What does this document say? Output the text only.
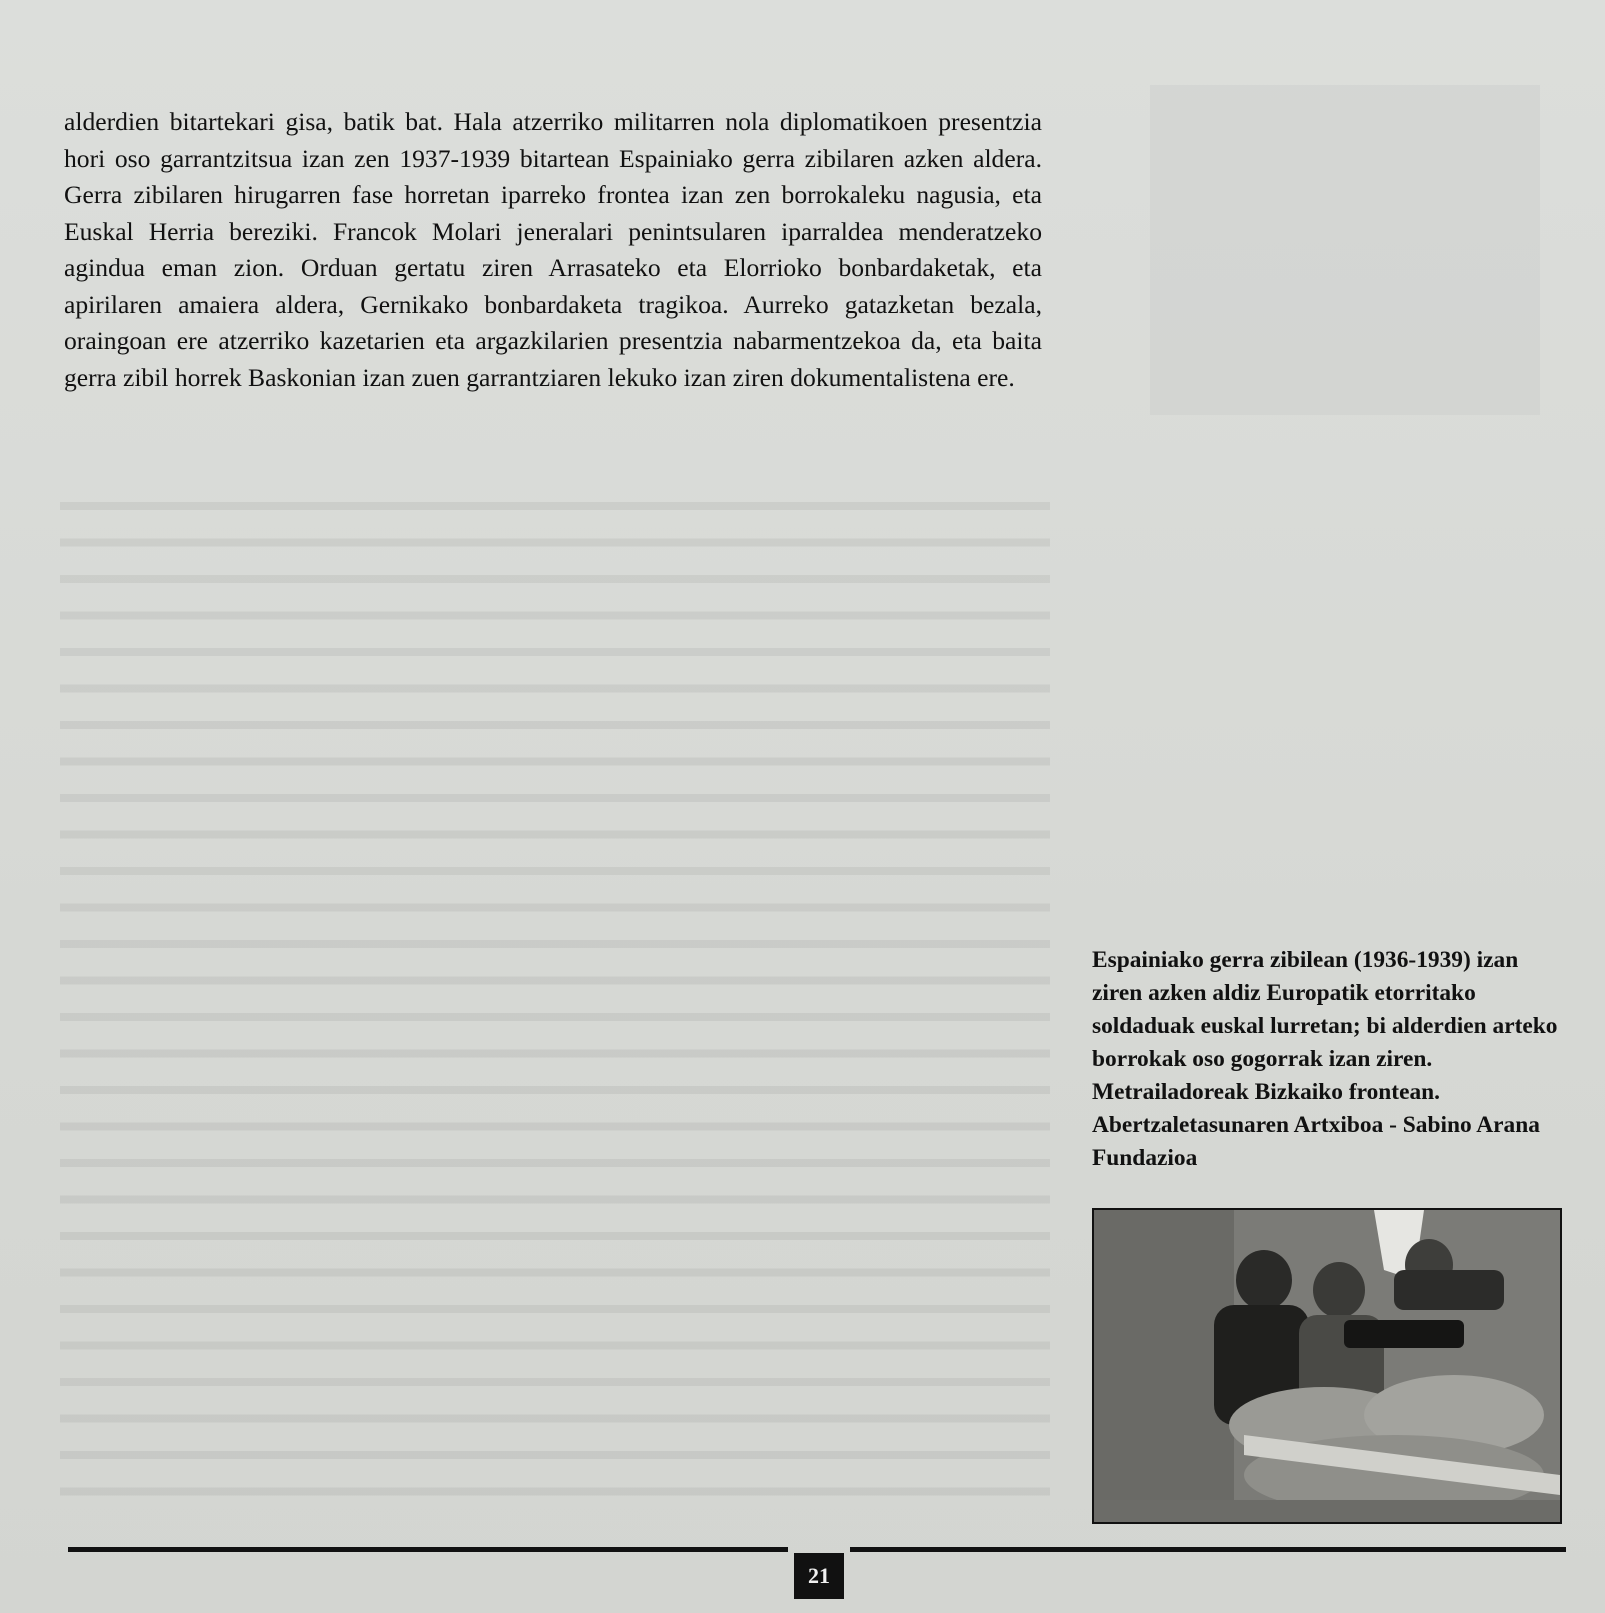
alderdien bitartekari gisa, batik bat. Hala atzerriko militarren nola diplomatikoen presentzia hori oso garrantzitsua izan zen 1937-1939 bitartean Espainiako gerra zibilaren azken aldera. Gerra zibilaren hirugarren fase horretan iparreko frontea izan zen borrokaleku nagusia, eta Euskal Herria bereziki. Francok Molari jeneralari penintsularen iparraldea menderatzeko agindua eman zion. Orduan gertatu ziren Arrasateko eta Elorrioko bonbardaketak, eta apirilaren amaiera aldera, Gernikako bonbardaketa tragikoa. Aurreko gatazketan bezala, oraingoan ere atzerriko kazetarien eta argazkilarien presentzia nabarmentzekoa da, eta baita gerra zibil horrek Baskonian izan zuen garrantziaren lekuko izan ziren dokumentalistena ere.

Espainiako gerra zibilean (1936-1939) izan ziren azken aldiz Europatik etorritako soldaduak euskal lurretan; bi alderdien arteko borrokak oso gogorrak izan ziren. Metrailadoreak Bizkaiko frontean. Abertzaletasunaren Artxiboa - Sabino Arana Fundazioa

21
